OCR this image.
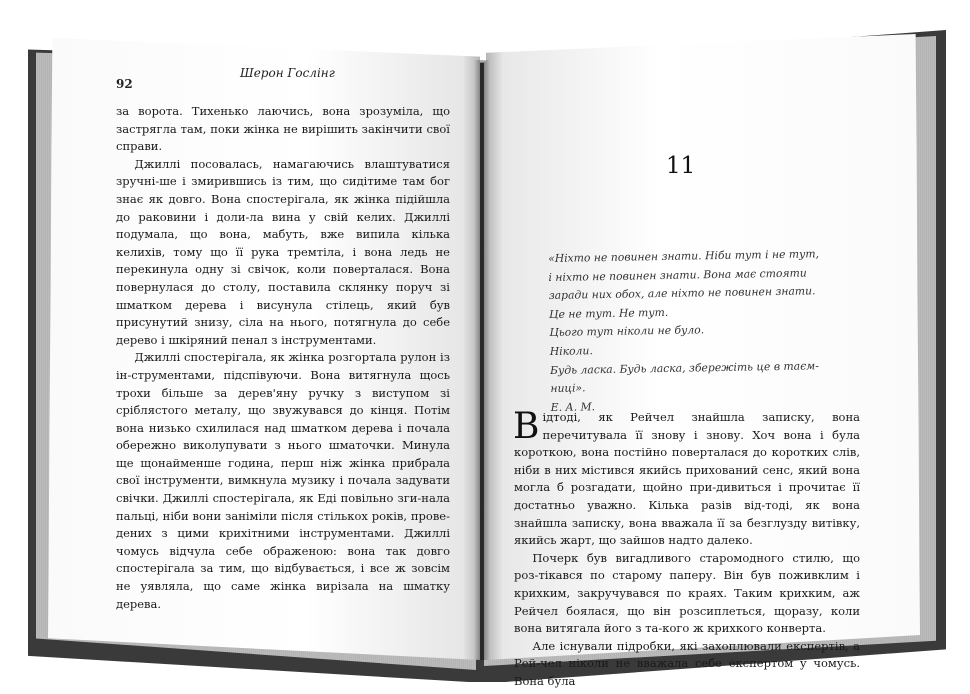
92
Шерон Гослінг

за ворота. Тихенько лаючись, вона зрозуміла, що застрягла там, поки жінка не вирішить закінчити свої справи.

Джиллі посовалась, намагаючись влаштуватися зручні-ше і змирившись із тим, що сидітиме там бог знає як довго. Вона спостерігала, як жінка підійшла до раковини і доли-ла вина у свій келих. Джиллі подумала, що вона, мабуть, вже випила кілька келихів, тому що її рука тремтіла, і вона ледь не перекинула одну зі свічок, коли поверталася. Вона повернулася до столу, поставила склянку поруч зі шматком дерева і висунула стілець, який був присунутий знизу, сіла на нього, потягнула до себе дерево і шкіряний пенал з інструментами.

Джиллі спостерігала, як жінка розгортала рулон із ін-струментами, підспівуючи. Вона витягнула щось трохи більше за дерев'яну ручку з виступом зі сріблястого металу, що звужувався до кінця. Потім вона низько схилилася над шматком дерева і почала обережно виколупувати з нього шматочки. Минула ще щонайменше година, перш ніж жінка прибрала свої інструменти, вимкнула музику і почала задувати свічки. Джиллі спостерігала, як Еді повільно зги-нала пальці, ніби вони заніміли після стількох років, прове-дених з цими крихітними інструментами. Джиллі чомусь відчула себе ображеною: вона так довго спостерігала за тим, що відбувається, і все ж зовсім не уявляла, що саме жінка вирізала на шматку дерева.

11
«Ніхто не повинен знати. Ніби тут і не тут,
і ніхто не повинен знати. Вона має стояти
заради них обох, але ніхто не повинен знати.
Це не тут. Не тут.
Цього тут ніколи не було.
Ніколи.
Будь ласка. Будь ласка, збережіть це в таєм-
ниці».
Е. А. М.

Відтоді, як Рейчел знайшла записку, вона перечитувала її знову і знову. Хоч вона і була короткою, вона постійно поверталася до коротких слів, ніби в них містився якийсь прихований сенс, який вона могла б розгадати, щойно при-дивиться і прочитає її достатньо уважно. Кілька разів від-тоді, як вона знайшла записку, вона вважала її за безглузду витівку, якийсь жарт, що зайшов надто далеко.

Почерк був вигадливого старомодного стилю, що роз-тікався по старому паперу. Він був поживклим і крихким, закручувався по краях. Таким крихким, аж Рейчел боялася, що він розсиплеться, щоразу, коли вона витягала його з та-кого ж крихкого конверта.

Але існували підробки, які захоплювали експертів, а Рей-чел ніколи не вважала себе експертом у чомусь. Вона була
